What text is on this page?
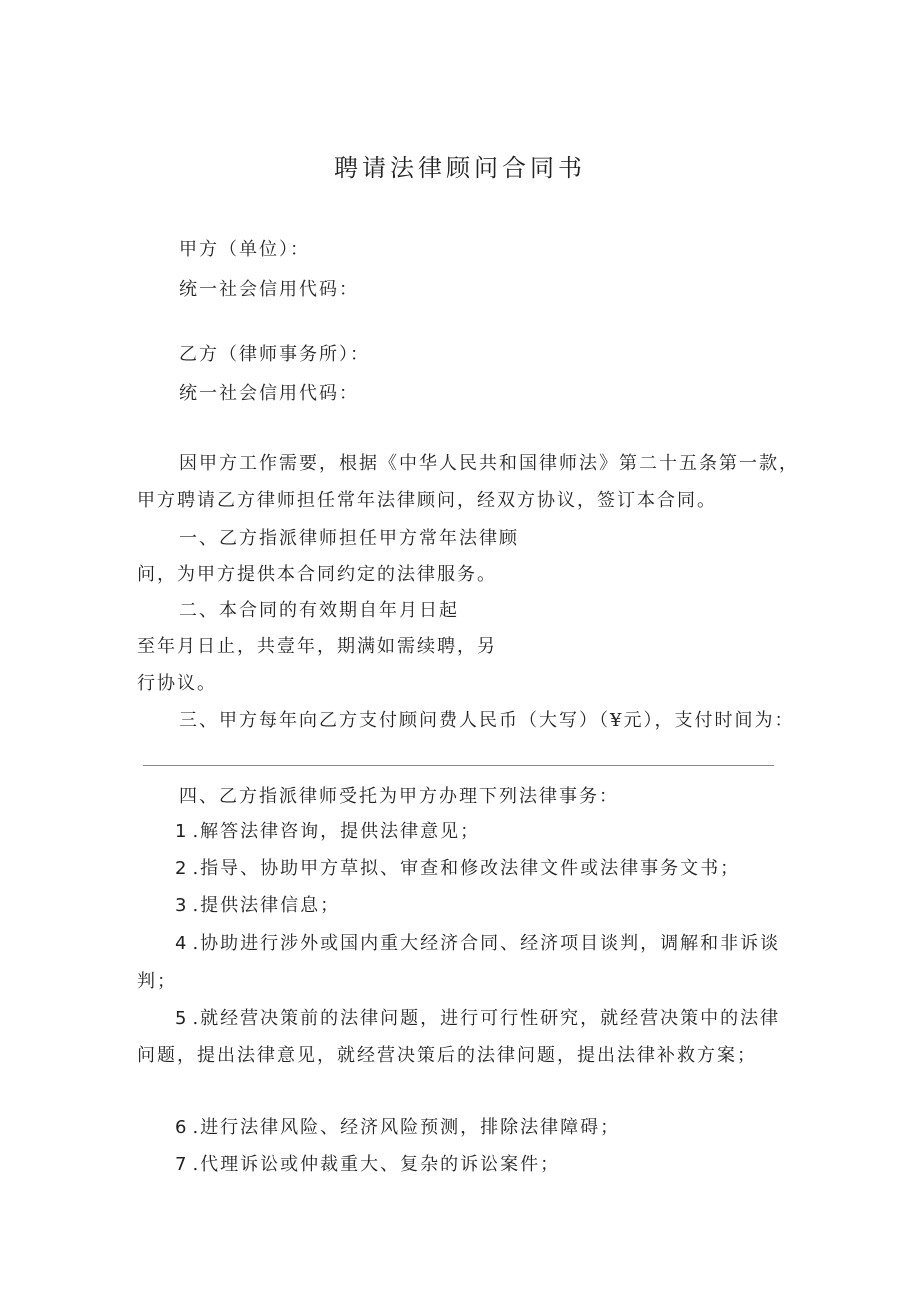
聘请法律顾问合同书
甲方（单位）：
统一社会信用代码：
乙方（律师事务所）：
统一社会信用代码：
因甲方工作需要，根据《中华人民共和国律师法》第二十五条第一款，
甲方聘请乙方律师担任常年法律顾问，经双方协议，签订本合同。
一、乙方指派律师担任甲方常年法律顾
问，为甲方提供本合同约定的法律服务。
二、本合同的有效期自年月日起
至年月日止，共壹年，期满如需续聘，另
行协议。
三、甲方每年向乙方支付顾问费人民币（大写）（¥元），支付时间为：
四、乙方指派律师受托为甲方办理下列法律事务：
1 .解答法律咨询，提供法律意见；
2 .指导、协助甲方草拟、审查和修改法律文件或法律事务文书；
3 .提供法律信息；
4 .协助进行涉外或国内重大经济合同、经济项目谈判，调解和非诉谈
判；
5 .就经营决策前的法律问题，进行可行性研究，就经营决策中的法律
问题，提出法律意见，就经营决策后的法律问题，提出法律补救方案；
6 .进行法律风险、经济风险预测，排除法律障碍；
7 .代理诉讼或仲裁重大、复杂的诉讼案件；
